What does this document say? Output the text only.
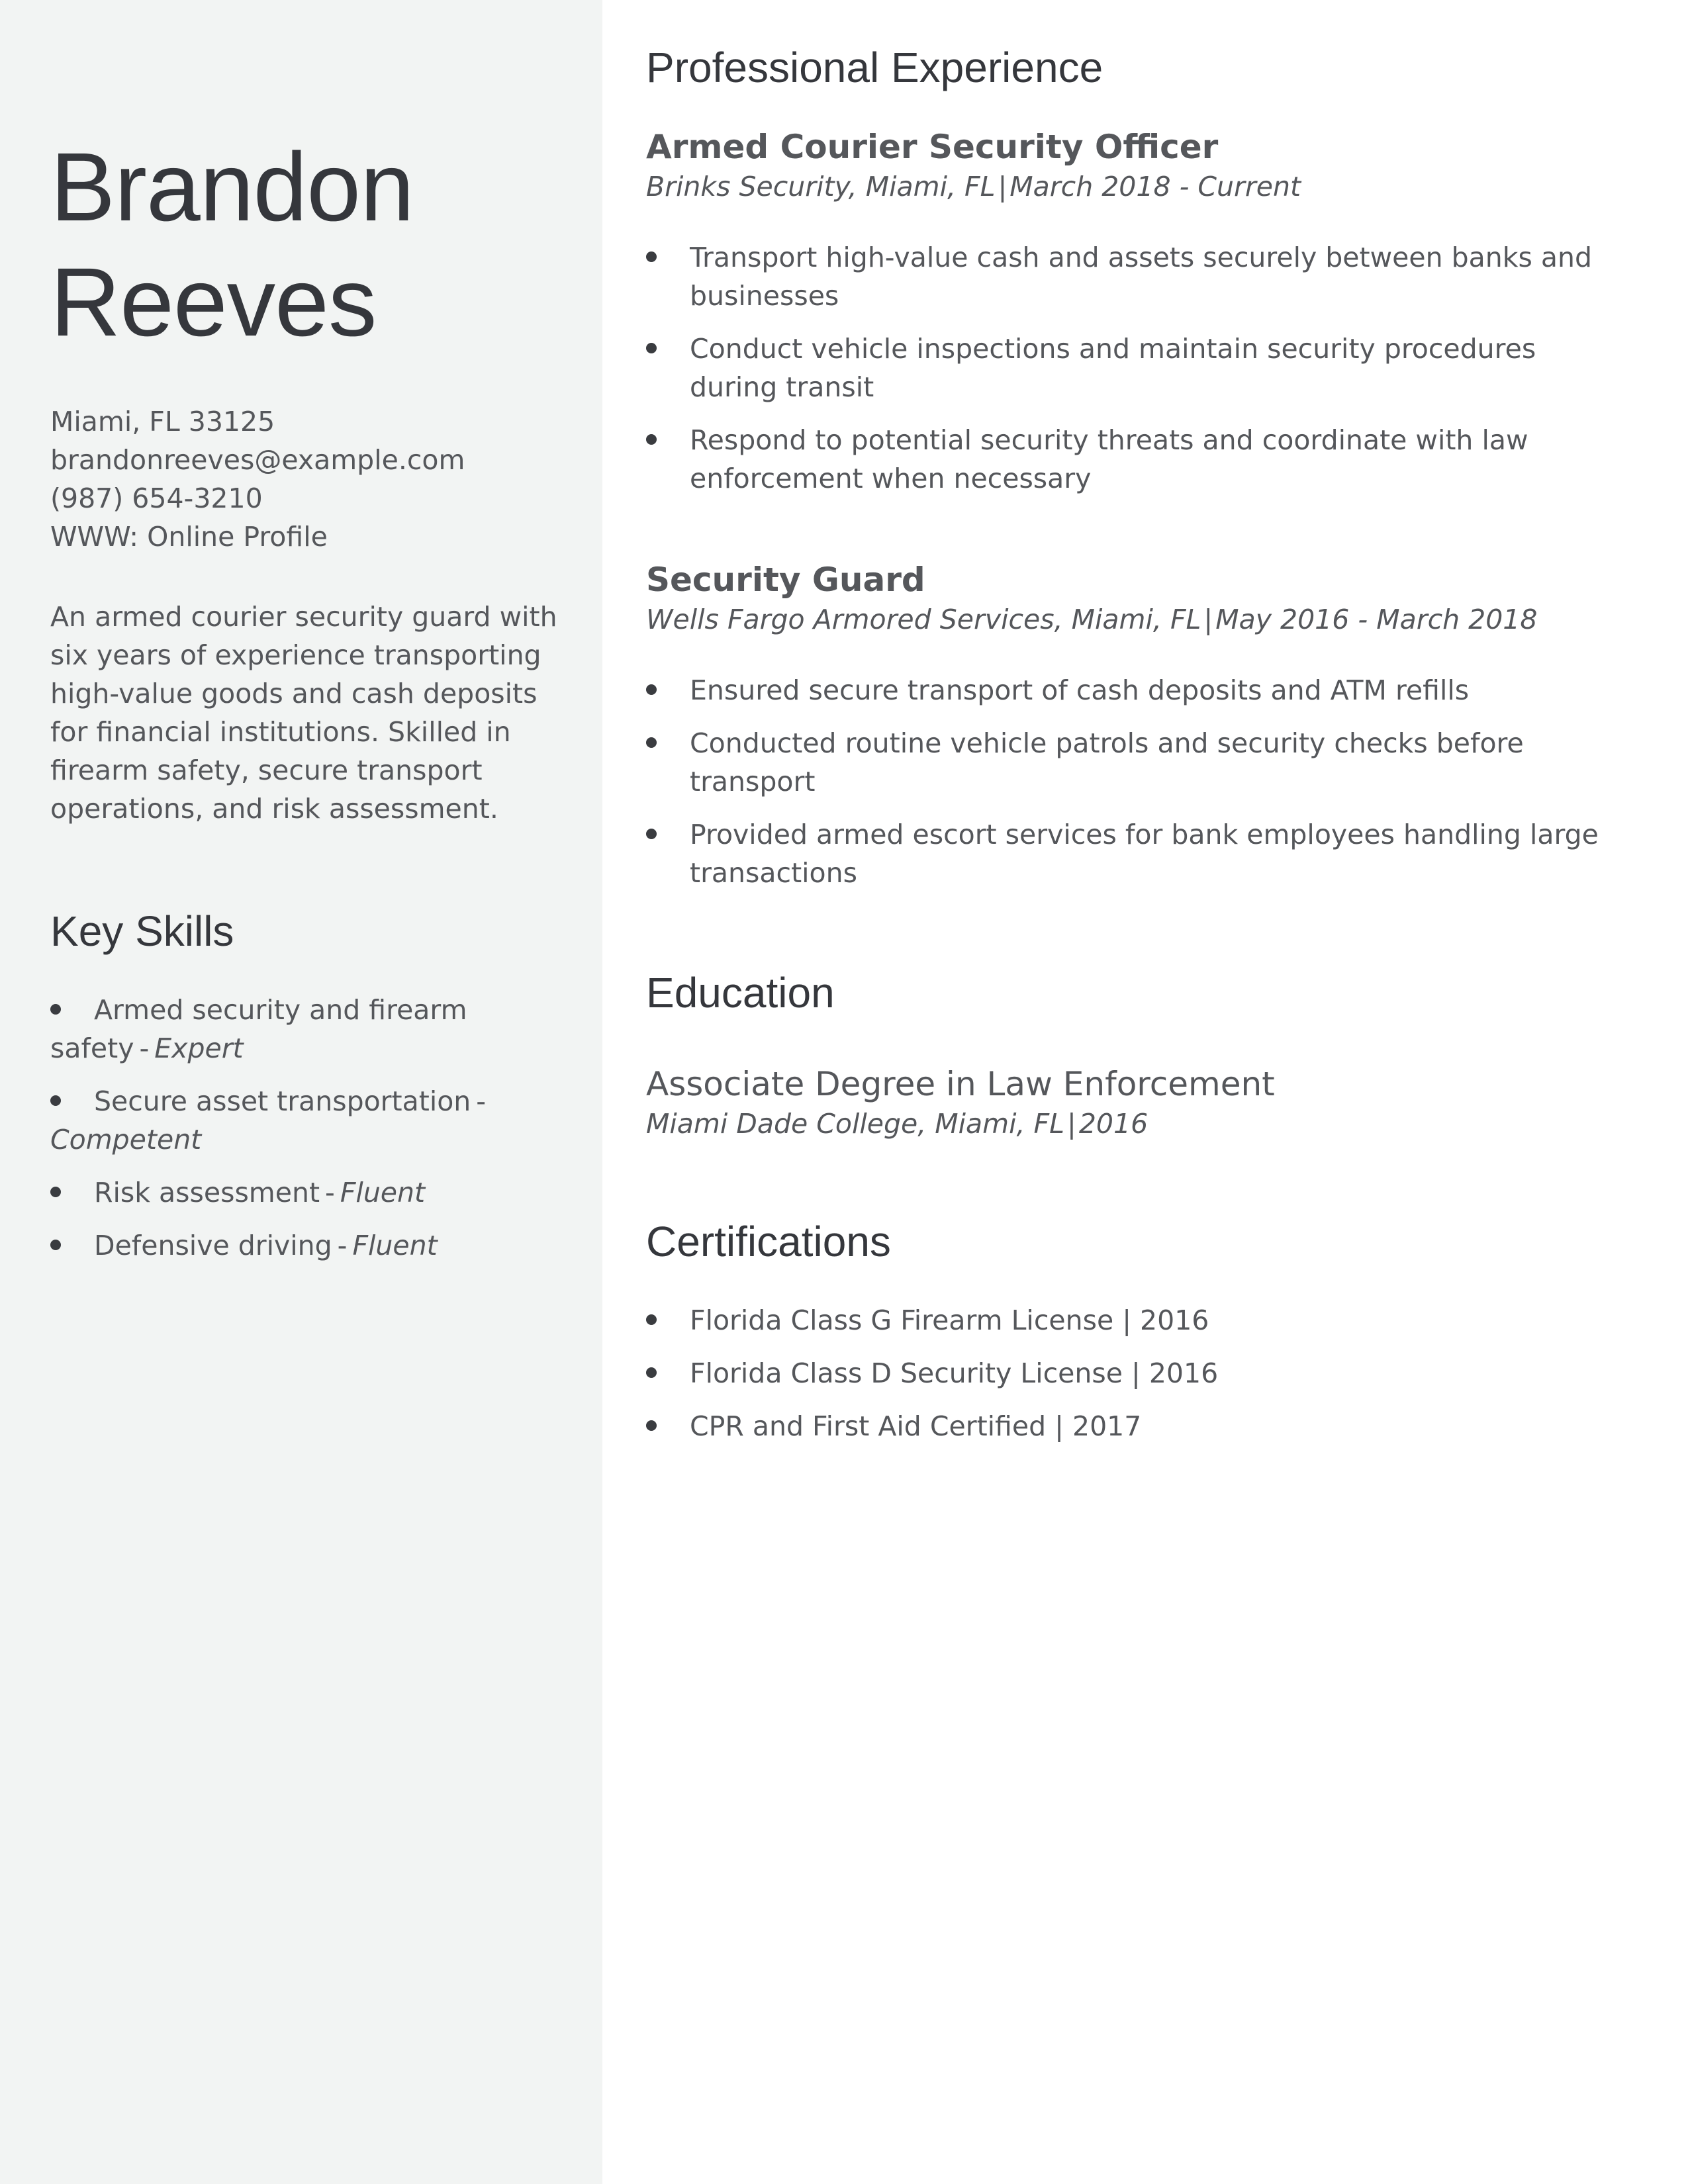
Brandon
Reeves
Miami, FL 33125
brandonreeves@example.com
(987) 654-3210
WWW: Online Profile

An armed courier security guard with six years of experience transporting high-value goods and cash deposits for financial institutions. Skilled in firearm safety, secure transport operations, and risk assessment.

Key Skills
Armed security and firearm safety - Expert
Secure asset transportation -Competent
Risk assessment - Fluent
Defensive driving - Fluent
Professional Experience
Armed Courier Security Officer
Brinks Security, Miami, FL|March 2018 - Current
Transport high-value cash and assets securely between banks and businesses
Conduct vehicle inspections and maintain security procedures during transit
Respond to potential security threats and coordinate with law enforcement when necessary
Security Guard
Wells Fargo Armored Services, Miami, FL|May 2016 - March 2018
Ensured secure transport of cash deposits and ATM refills
Conducted routine vehicle patrols and security checks before transport
Provided armed escort services for bank employees handling large transactions
Education
Associate Degree in Law Enforcement
Miami Dade College, Miami, FL|2016
Certifications
Florida Class G Firearm License | 2016
Florida Class D Security License | 2016
CPR and First Aid Certified | 2017
